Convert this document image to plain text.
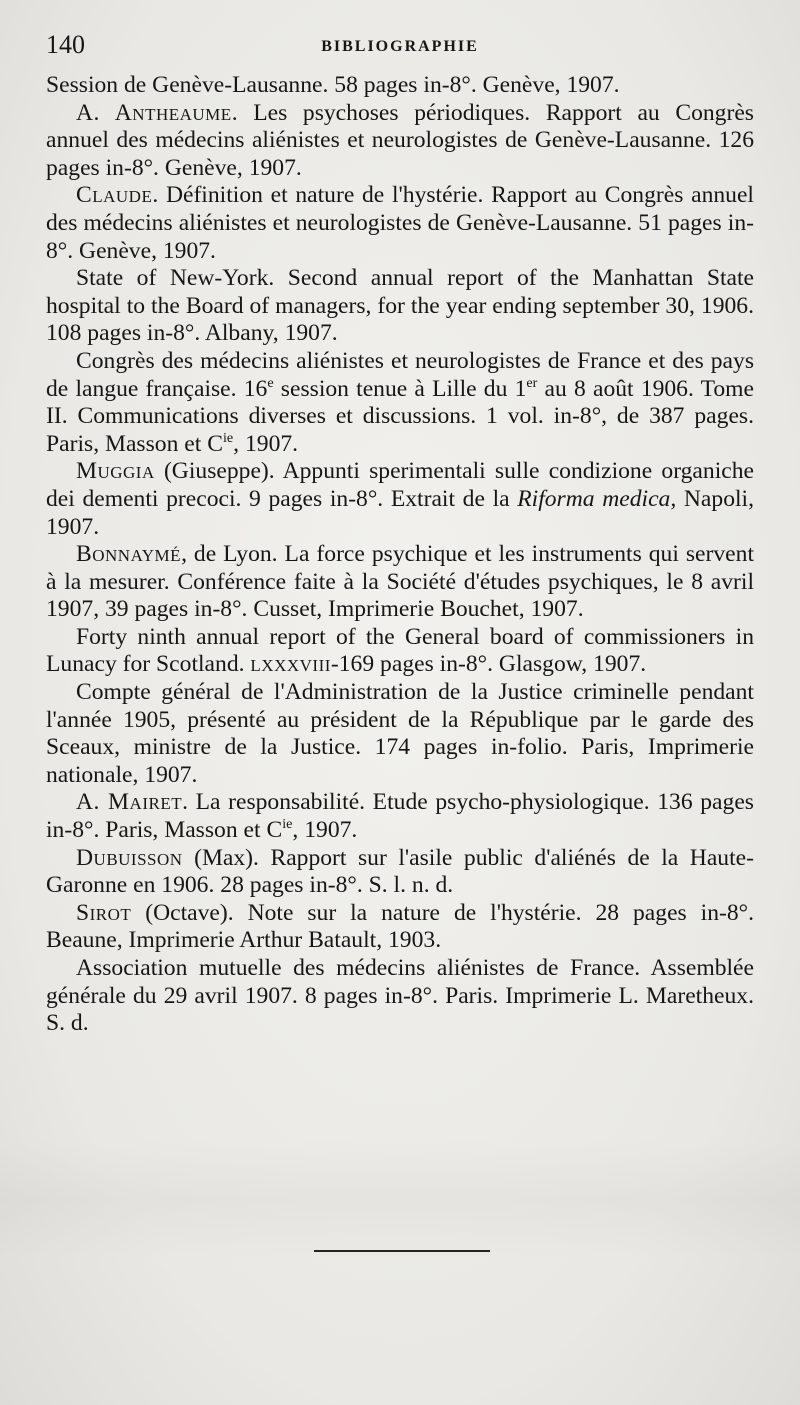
140	BIBLIOGRAPHIE

Session de Genève-Lausanne. 58 pages in-8°. Genève, 1907.

A. Antheaume. Les psychoses périodiques. Rapport au Congrès annuel des médecins aliénistes et neurologistes de Genève-Lausanne. 126 pages in-8°. Genève, 1907.

Claude. Définition et nature de l'hystérie. Rapport au Congrès annuel des médecins aliénistes et neurologistes de Genève-Lausanne. 51 pages in-8°. Genève, 1907.

State of New-York. Second annual report of the Manhattan State hospital to the Board of managers, for the year ending september 30, 1906. 108 pages in-8°. Albany, 1907.

Congrès des médecins aliénistes et neurologistes de France et des pays de langue française. 16e session tenue à Lille du 1er au 8 août 1906. Tome II. Communications diverses et discussions. 1 vol. in-8°, de 387 pages. Paris, Masson et $C^{ie}$, 1907.

Muggia (Giuseppe). Appunti sperimentali sulle condizione organiche dei dementi precoci. 9 pages in-8°. Extrait de la Riforma medica, Napoli, 1907.

Bonnaymé, de Lyon. La force psychique et les instruments qui servent à la mesurer. Conférence faite à la Société d'études psychiques, le 8 avril 1907, 39 pages in-8°. Cusset, Imprimerie Bouchet, 1907.

Forty ninth annual report of the General board of commissioners in Lunacy for Scotland. lxxxviii-169 pages in-8°. Glasgow, 1907.

Compte général de l'Administration de la Justice criminelle pendant l'année 1905, présenté au président de la République par le garde des Sceaux, ministre de la Justice. 174 pages in-folio. Paris, Imprimerie nationale, 1907.

A. Mairet. La responsabilité. Etude psycho-physiologique. 136 pages in-8°. Paris, Masson et $C^{ie}$, 1907.

Dubuisson (Max). Rapport sur l'asile public d'aliénés de la Haute-Garonne en 1906. 28 pages in-8°. S. l. n. d.

Sirot (Octave). Note sur la nature de l'hystérie. 28 pages in-8°. Beaune, Imprimerie Arthur Batault, 1903.

Association mutuelle des médecins aliénistes de France. Assemblée générale du 29 avril 1907. 8 pages in-8°. Paris. Imprimerie L. Maretheux. S. d.
